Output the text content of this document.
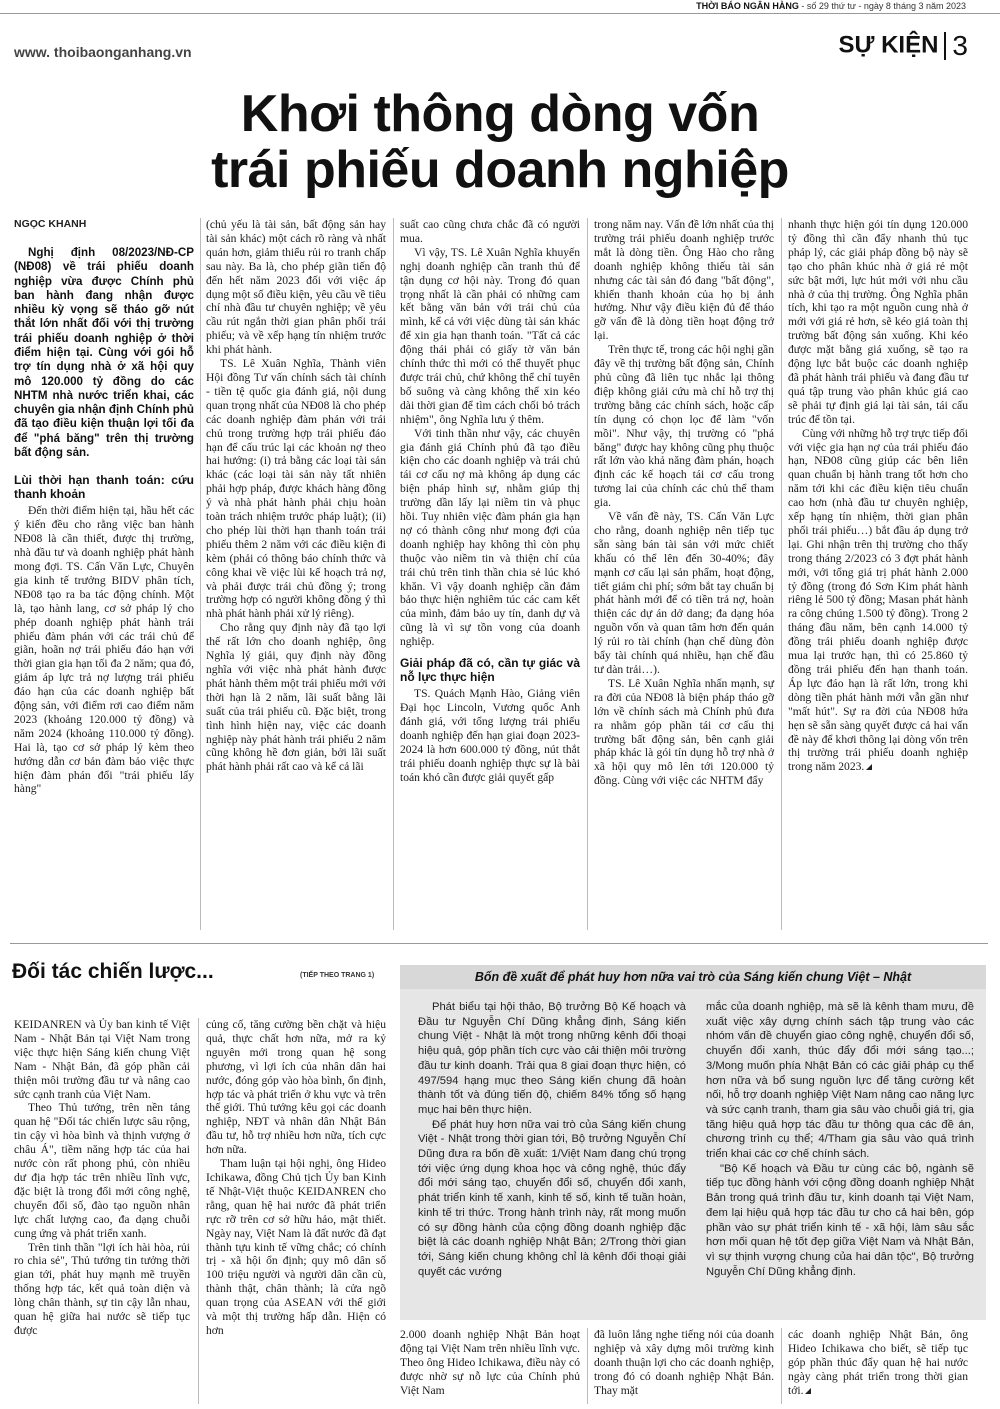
THỜI BÁO NGÂN HÀNG - số 29 thứ tư - ngày 8 tháng 3 năm 2023
www. thoibaonganhang.vn	SỰ KIỆN 3
Khơi thông dòng vốn
trái phiếu doanh nghiệp
NGỌC KHANH
Nghị định 08/2023/NĐ-CP (NĐ08) về trái phiếu doanh nghiệp vừa được Chính phủ ban hành đang nhận được nhiều kỳ vọng sẽ tháo gỡ nút thắt lớn nhất đối với thị trường trái phiếu doanh nghiệp ở thời điểm hiện tại. Cùng với gói hỗ trợ tín dụng nhà ở xã hội quy mô 120.000 tỷ đồng do các NHTM nhà nước triển khai, các chuyên gia nhận định Chính phủ đã tạo điều kiện thuận lợi tối đa để "phá băng" trên thị trường bất động sản.
Lùi thời hạn thanh toán: cứu thanh khoản

Đến thời điểm hiện tại, hầu hết các ý kiến đều cho rằng việc ban hành NĐ08 là cần thiết, được thị trường, nhà đầu tư và doanh nghiệp phát hành mong đợi. TS. Cấn Văn Lực, Chuyên gia kinh tế trưởng BIDV phân tích, NĐ08 tạo ra ba tác động chính. Một là, tạo hành lang, cơ sở pháp lý cho phép doanh nghiệp phát hành trái phiếu đàm phán với các trái chủ để giãn, hoãn nợ trái phiếu đáo hạn với thời gian gia hạn tối đa 2 năm; qua đó, giảm áp lực trả nợ lượng trái phiếu đáo hạn của các doanh nghiệp bất động sản, với điểm rơi cao điểm năm 2023 (khoảng 120.000 tỷ đồng) và năm 2024 (khoảng 110.000 tỷ đồng). Hai là, tạo cơ sở pháp lý kèm theo hướng dẫn cơ bản đàm bảo việc thực hiện đàm phán đổi "trái phiếu lấy hàng"

(chủ yếu là tài sản, bất động sản hay tài sản khác) một cách rõ ràng và nhất quán hơn, giảm thiểu rủi ro tranh chấp sau này. Ba là, cho phép giãn tiến độ đến hết năm 2023 đối với việc áp dụng một số điều kiện, yêu cầu về tiêu chí nhà đầu tư chuyên nghiệp; về yêu cầu rút ngắn thời gian phân phối trái phiếu; và về xếp hạng tín nhiệm trước khi phát hành.

TS. Lê Xuân Nghĩa, Thành viên Hội đồng Tư vấn chính sách tài chính - tiền tệ quốc gia đánh giá, nội dung quan trọng nhất của NĐ08 là cho phép các doanh nghiệp đàm phán với trái chủ trong trường hợp trái phiếu đáo hạn để cấu trúc lại các khoản nợ theo hai hướng: (i) trả bằng các loại tài sản khác (các loại tài sản này tất nhiên phải hợp pháp, được khách hàng đồng ý và nhà phát hành phải chịu hoàn toàn trách nhiệm trước pháp luật); (ii) cho phép lùi thời hạn thanh toán trái phiếu thêm 2 năm với các điều kiện đi kèm (phải có thông báo chính thức và công khai về việc lùi kế hoạch trả nợ, và phải được trái chủ đồng ý; trong trường hợp có người không đồng ý thì nhà phát hành phải xử lý riêng).

Cho rằng quy định này đã tạo lợi thế rất lớn cho doanh nghiệp, ông Nghĩa lý giải, quy định này đồng nghĩa với việc nhà phát hành được phát hành thêm một trái phiếu mới với thời hạn là 2 năm, lãi suất bằng lãi suất của trái phiếu cũ. Đặc biệt, trong tình hình hiện nay, việc các doanh nghiệp này phát hành trái phiếu 2 năm cũng không hề đơn giản, bởi lãi suất phát hành phải rất cao và kể cả lãi

suất cao cũng chưa chắc đã có người mua.

Vì vậy, TS. Lê Xuân Nghĩa khuyến nghị doanh nghiệp cần tranh thủ để tận dụng cơ hội này. Trong đó quan trọng nhất là cần phải có những cam kết bằng văn bản với trái chủ của mình, kể cả với việc dùng tài sản khác để xin gia hạn thanh toán. "Tất cả các động thái phải có giấy tờ văn bản chính thức thì mới có thể thuyết phục được trái chủ, chứ không thể chỉ tuyên bố suông và càng không thể xin kéo dài thời gian để tìm cách chối bỏ trách nhiệm", ông Nghĩa lưu ý thêm.

Với tinh thần như vậy, các chuyên gia đánh giá Chính phủ đã tạo điều kiện cho các doanh nghiệp và trái chủ tái cơ cấu nợ mà không áp dụng các biện pháp hình sự, nhằm giúp thị trường dần lấy lại niềm tin và phục hồi. Tuy nhiên việc đàm phán gia hạn nợ có thành công như mong đợi của doanh nghiệp hay không thì còn phụ thuộc vào niềm tin và thiện chí của trái chủ trên tinh thần chia sẻ lúc khó khăn. Vì vậy doanh nghiệp cần đảm bảo thực hiện nghiêm túc các cam kết của mình, đảm bảo uy tín, danh dự và cũng là vì sự tồn vong của doanh nghiệp.

Giải pháp đã có, cần tự giác và nỗ lực thực hiện

TS. Quách Mạnh Hào, Giảng viên Đại học Lincoln, Vương quốc Anh đánh giá, với tổng lượng trái phiếu doanh nghiệp đến hạn giai đoạn 2023-2024 là hơn 600.000 tỷ đồng, nút thắt trái phiếu doanh nghiệp thực sự là bài toán khó cần được giải quyết gấp

trong năm nay. Vấn đề lớn nhất của thị trường trái phiếu doanh nghiệp trước mắt là dòng tiền. Ông Hào cho rằng doanh nghiệp không thiếu tài sản nhưng các tài sản đó đang "bất động", khiến thanh khoản của họ bị ảnh hưởng. Như vậy điều kiện đủ để tháo gỡ vấn đề là dòng tiền hoạt động trở lại.

Trên thực tế, trong các hội nghị gần đây về thị trường bất động sản, Chính phủ cũng đã liên tục nhắc lại thông điệp không giải cứu mà chỉ hỗ trợ thị trường bằng các chính sách, hoặc cấp tín dụng có chọn lọc để làm "vốn mồi". Như vậy, thị trường có "phá băng" được hay không cũng phụ thuộc rất lớn vào khả năng đàm phán, hoạch định các kế hoạch tái cơ cấu trong tương lai của chính các chủ thể tham gia.

Về vấn đề này, TS. Cấn Văn Lực cho rằng, doanh nghiệp nên tiếp tục sẵn sàng bán tài sản với mức chiết khấu có thể lên đến 30-40%; đây mạnh cơ cấu lại sản phẩm, hoạt động, tiết giảm chi phí; sớm bắt tay chuẩn bị phát hành mới để có tiền trả nợ, hoàn thiện các dự án dở dang; đa dạng hóa nguồn vốn và quan tâm hơn đến quản lý rủi ro tài chính (hạn chế dùng đòn bẩy tài chính quá nhiều, hạn chế đầu tư dàn trải…).

TS. Lê Xuân Nghĩa nhấn mạnh, sự ra đời của NĐ08 là biện pháp tháo gỡ lớn về chính sách mà Chính phủ đưa ra nhằm góp phần tái cơ cấu thị trường bất động sản, bên cạnh giải pháp khác là gói tín dụng hỗ trợ nhà ở xã hội quy mô lên tới 120.000 tỷ đồng. Cùng với việc các NHTM đẩy

nhanh thực hiện gói tín dụng 120.000 tỷ đồng thì cần đẩy nhanh thủ tục pháp lý, các giải pháp đồng bộ này sẽ tạo cho phân khúc nhà ở giá rẻ một sức bật mới, lực hút mới với nhu cầu nhà ở của thị trường. Ông Nghĩa phân tích, khi tạo ra một nguồn cung nhà ở mới với giá rẻ hơn, sẽ kéo giá toàn thị trường bất động sản xuống. Khi kéo được mặt bằng giá xuống, sẽ tạo ra động lực bắt buộc các doanh nghiệp đã phát hành trái phiếu và đang đầu tư quá tập trung vào phân khúc giá cao sẽ phải tự định giá lại tài sản, tái cấu trúc để tồn tại.

Cùng với những hỗ trợ trực tiếp đối với việc gia hạn nợ của trái phiếu đáo hạn, NĐ08 cũng giúp các bên liên quan chuẩn bị hành trang tốt hơn cho năm tới khi các điều kiện tiêu chuẩn cao hơn (nhà đầu tư chuyên nghiệp, xếp hạng tín nhiệm, thời gian phân phối trái phiếu…) bắt đầu áp dụng trở lại. Ghi nhận trên thị trường cho thấy trong tháng 2/2023 có 3 đợt phát hành mới, với tổng giá trị phát hành 2.000 tỷ đồng (trong đó Sơn Kim phát hành riêng lẻ 500 tỷ đồng; Masan phát hành ra công chúng 1.500 tỷ đồng). Trong 2 tháng đầu năm, bên cạnh 14.000 tỷ đồng trái phiếu doanh nghiệp được mua lại trước hạn, thì có 25.860 tỷ đồng trái phiếu đến hạn thanh toán. Áp lực đáo hạn là rất lớn, trong khi dòng tiền phát hành mới vẫn gần như "mất hút". Sự ra đời của NĐ08 hứa hẹn sẽ sẵn sàng quyết được cả hai vấn đề này để khơi thông lại dòng vốn trên thị trường trái phiếu doanh nghiệp trong năm 2023.

Đối tác chiến lược...	(TIẾP THEO TRANG 1)

KEIDANREN và Ủy ban kinh tế Việt Nam - Nhật Bản tại Việt Nam trong việc thực hiện Sáng kiến chung Việt Nam - Nhật Bản, đã góp phần cải thiện môi trường đầu tư và nâng cao sức cạnh tranh của Việt Nam.

Theo Thủ tướng, trên nền tảng quan hệ "Đối tác chiến lược sâu rộng, tin cậy vì hòa bình và thịnh vượng ở châu Á", tiềm năng hợp tác của hai nước còn rất phong phú, còn nhiều dư địa hợp tác trên nhiều lĩnh vực, đặc biệt là trong đổi mới công nghệ, chuyển đổi số, đào tạo nguồn nhân lực chất lượng cao, đa dạng chuỗi cung ứng và phát triển xanh.

Trên tinh thần "lợi ích hài hòa, rủi ro chia sẻ", Thủ tướng tin tưởng thời gian tới, phát huy mạnh mẽ truyền thống hợp tác, kết quả toàn diện và lòng chân thành, sự tin cậy lẫn nhau, quan hệ giữa hai nước sẽ tiếp tục được

củng cố, tăng cường bền chặt và hiệu quả, thực chất hơn nữa, mở ra kỷ nguyên mới trong quan hệ song phương, vì lợi ích của nhân dân hai nước, đóng góp vào hòa bình, ổn định, hợp tác và phát triển ở khu vực và trên thế giới. Thủ tướng kêu gọi các doanh nghiệp, NĐT và nhân dân Nhật Bản đầu tư, hỗ trợ nhiều hơn nữa, tích cực hơn nữa.

Tham luận tại hội nghị, ông Hideo Ichikawa, đồng Chủ tịch Ủy ban Kinh tế Nhật-Việt thuộc KEIDANREN cho rằng, quan hệ hai nước đã phát triển rực rỡ trên cơ sở hữu hảo, mật thiết. Ngày nay, Việt Nam là đất nước đã đạt thành tựu kinh tế vững chắc; có chính trị - xã hội ổn định; quy mô dân số 100 triệu người và người dân cần cù, thành thật, chân thành; là cửa ngõ quan trọng của ASEAN với thế giới và một thị trường hấp dẫn. Hiện có hơn

Bốn đề xuất để phát huy hơn nữa vai trò của Sáng kiến chung Việt – Nhật

Phát biểu tại hội thảo, Bộ trưởng Bộ Kế hoạch và Đầu tư Nguyễn Chí Dũng khẳng định, Sáng kiến chung Việt - Nhật là một trong những kênh đối thoại hiệu quả, góp phần tích cực vào cải thiện môi trường đầu tư kinh doanh. Trải qua 8 giai đoạn thực hiện, có 497/594 hạng mục theo Sáng kiến chung đã hoàn thành tốt và đúng tiến độ, chiếm 84% tổng số hạng mục hai bên thực hiện.

Để phát huy hơn nữa vai trò của Sáng kiến chung Việt - Nhật trong thời gian tới, Bộ trưởng Nguyễn Chí Dũng đưa ra bốn đề xuất: 1/Việt Nam đang chú trọng tới việc ứng dụng khoa học và công nghệ, thúc đẩy đổi mới sáng tạo, chuyển đổi số, chuyển đổi xanh, phát triển kinh tế xanh, kinh tế số, kinh tế tuần hoàn, kinh tế tri thức. Trong hành trình này, rất mong muốn có sự đồng hành của cộng đồng doanh nghiệp đặc biệt là các doanh nghiệp Nhật Bản; 2/Trong thời gian tới, Sáng kiến chung không chỉ là kênh đối thoại giải quyết các vướng

mắc của doanh nghiệp, mà sẽ là kênh tham mưu, đề xuất việc xây dựng chính sách tập trung vào các nhóm vấn đề chuyển giao công nghệ, chuyển đổi số, chuyển đổi xanh, thúc đẩy đổi mới sáng tạo...; 3/Mong muốn phía Nhật Bản có các giải pháp cụ thể hơn nữa và bổ sung nguồn lực để tăng cường kết nối, hỗ trợ doanh nghiệp Việt Nam nâng cao năng lực và sức cạnh tranh, tham gia sâu vào chuỗi giá trị, gia tăng hiệu quả hợp tác đầu tư thông qua các đề án, chương trình cụ thể; 4/Tham gia sâu vào quá trình triển khai các cơ chế chính sách.

"Bộ Kế hoạch và Đầu tư cùng các bộ, ngành sẽ tiếp tục đồng hành với cộng đồng doanh nghiệp Nhật Bản trong quá trình đầu tư, kinh doanh tại Việt Nam, đem lại hiệu quả hợp tác đầu tư cho cả hai bên, góp phần vào sự phát triển kinh tế - xã hội, làm sâu sắc hơn mối quan hệ tốt đẹp giữa Việt Nam và Nhật Bản, vì sự thịnh vượng chung của hai dân tộc", Bộ trưởng Nguyễn Chí Dũng khẳng định.

2.000 doanh nghiệp Nhật Bản hoạt động tại Việt Nam trên nhiều lĩnh vực. Theo ông Hideo Ichikawa, điều này có được nhờ sự nỗ lực của Chính phủ Việt Nam

đã luôn lắng nghe tiếng nói của doanh nghiệp và xây dựng môi trường kinh doanh thuận lợi cho các doanh nghiệp, trong đó có doanh nghiệp Nhật Bản. Thay mặt

các doanh nghiệp Nhật Bản, ông Hideo Ichikawa cho biết, sẽ tiếp tục góp phần thúc đẩy quan hệ hai nước ngày càng phát triển trong thời gian tới.
